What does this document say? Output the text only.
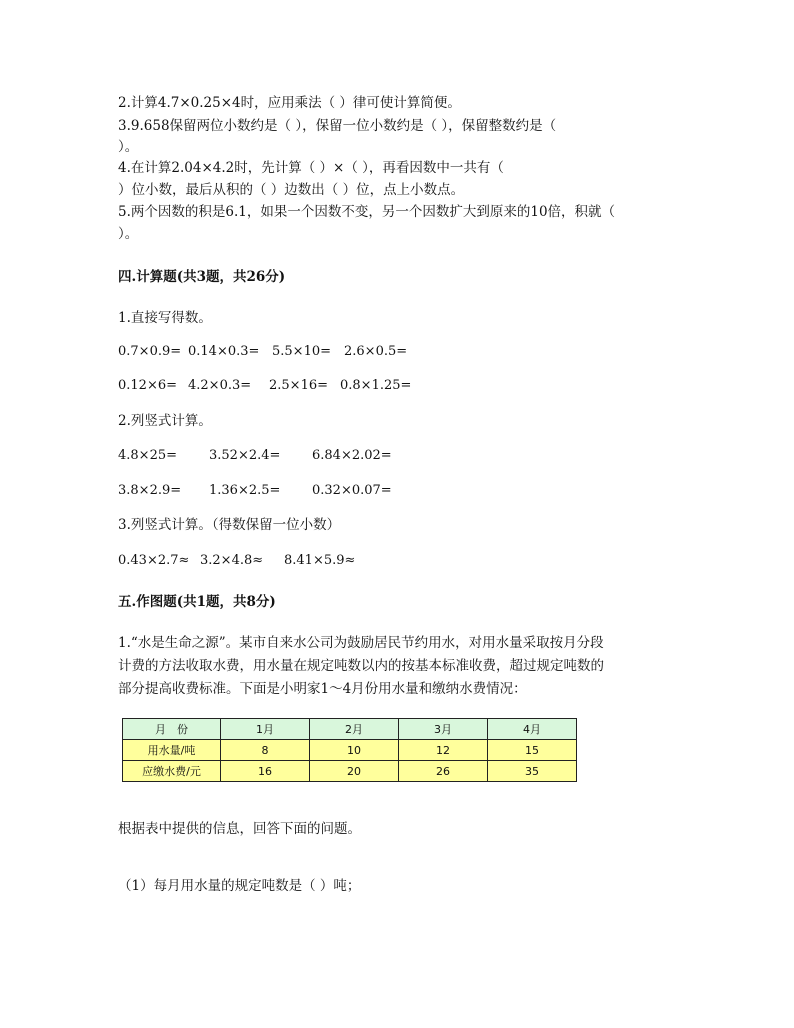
2.计算4.7×0.25×4时，应用乘法（ ）律可使计算简便。
3.9.658保留两位小数约是（ ），保留一位小数约是（ ），保留整数约是（
）。
4.在计算2.04×4.2时，先计算（ ）×（ ），再看因数中一共有（
）位小数，最后从积的（ ）边数出（ ）位，点上小数点。
5.两个因数的积是6.1，如果一个因数不变，另一个因数扩大到原来的10倍，积就（
）。
四.计算题(共3题，共26分)
1.直接写得数。
0.7×0.9= 0.14×0.3= 5.5×10= 2.6×0.5=
0.12×6= 4.2×0.3= 2.5×16= 0.8×1.25=
2.列竖式计算。
4.8×25= 3.52×2.4= 6.84×2.02=
3.8×2.9= 1.36×2.5= 0.32×0.07=
3.列竖式计算。（得数保留一位小数）
0.43×2.7≈ 3.2×4.8≈ 8.41×5.9≈
五.作图题(共1题，共8分)
1.“水是生命之源”。某市自来水公司为鼓励居民节约用水，对用水量采取按月分段
计费的方法收取水费，用水量在规定吨数以内的按基本标准收费，超过规定吨数的
部分提高收费标准。下面是小明家1～4月份用水量和缴纳水费情况：
月　份	1月	2月	3月	4月
用水量/吨	8	10	12	15
应缴水费/元	16	20	26	35
根据表中提供的信息，回答下面的问题。
（1）每月用水量的规定吨数是（ ）吨；
